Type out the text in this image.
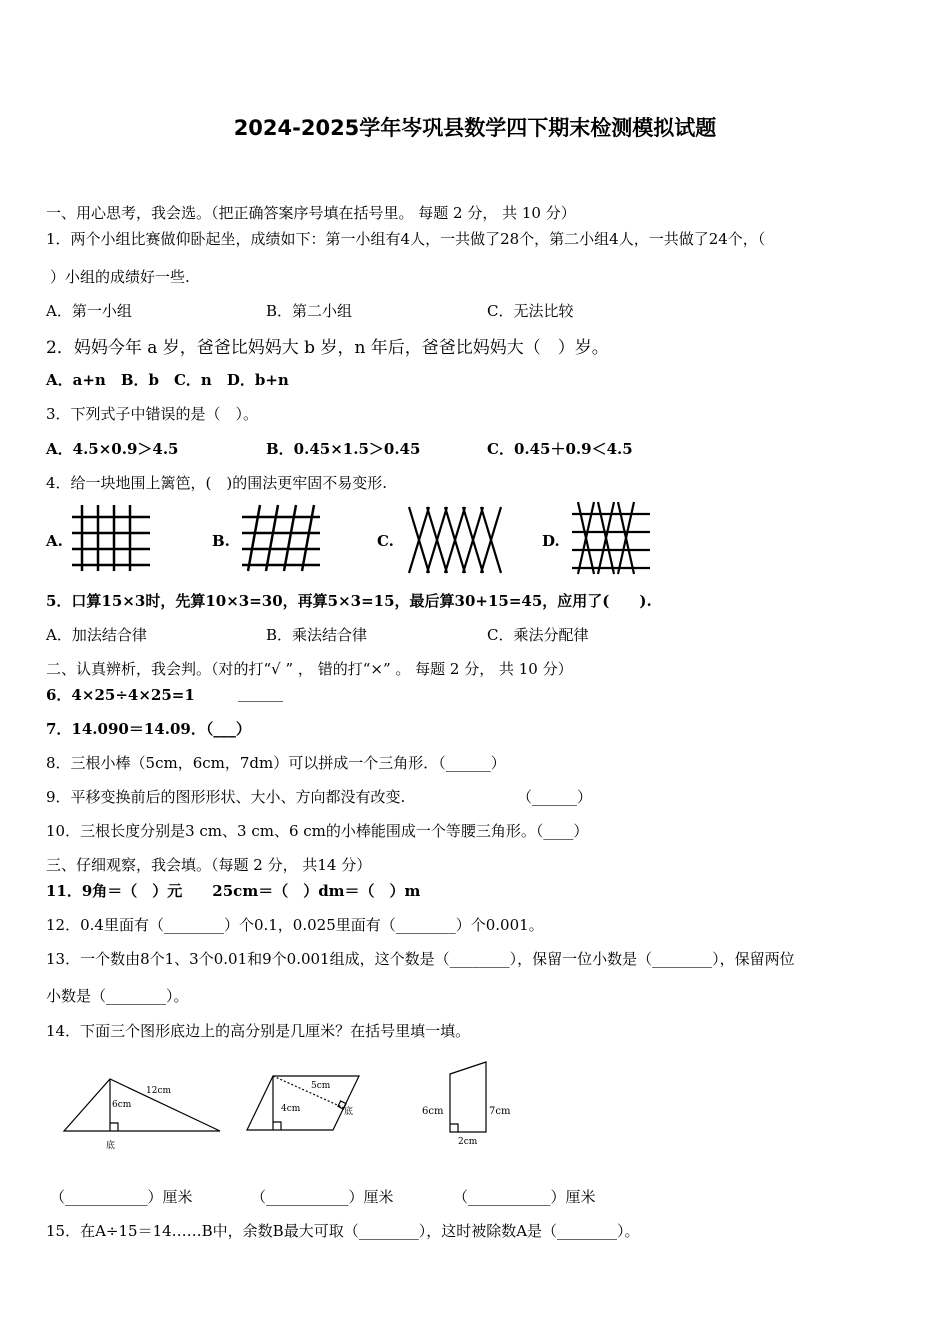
2024-2025学年岑巩县数学四下期末检测模拟试题
一、用心思考，我会选。（把正确答案序号填在括号里。 每题 2 分， 共 10 分）
1．两个小组比赛做仰卧起坐，成绩如下：第一小组有4人，一共做了28个，第二小组4人，一共做了24个，（
）小组的成绩好一些.
A．第一小组	B．第二小组	C．无法比较
2．妈妈今年 a 岁，爸爸比妈妈大 b 岁，n 年后，爸爸比妈妈大（　）岁。
A．a+n　B．b　C．n　D．b+n
3．下列式子中错误的是（　）。
A．4.5×0.9＞4.5	B．0.45×1.5＞0.45	C．0.45＋0.9＜4.5
4．给一块地围上篱笆，(　)的围法更牢固不易变形.
A.	B.	C.	D.
5．口算15×3时，先算10×3=30，再算5×3=15，最后算30+15=45，应用了(　　).
A．加法结合律	B．乘法结合律	C．乘法分配律
二、认真辨析，我会判。（对的打“√ ” ， 错的打“×” 。 每题 2 分， 共 10 分）
6．4×25÷4×25=1	______
7．14.090＝14.09．（___）
8．三根小棒（5cm，6cm，7dm）可以拼成一个三角形．（______）
9．平移变换前后的图形形状、大小、方向都没有改变.	（______）
10．三根长度分别是3 cm、3 cm、6 cm的小棒能围成一个等腰三角形。（____）
三、仔细观察，我会填。（每题 2 分， 共14 分）
11．9角＝（　）元　　25cm＝（　）dm＝（　）m
12．0.4里面有（________）个0.1，0.025里面有（________）个0.001。
13．一个数由8个1、3个0.01和9个0.001组成，这个数是（________），保留一位小数是（________），保留两位
小数是（________）。
14．下面三个图形底边上的高分别是几厘米？在括号里填一填。
12cm
6cm
底
5cm
4cm	底	6cm	7cm
2cm
（___________）厘米	（___________）厘米	（___________）厘米
15．在A÷15＝14……B中，余数B最大可取（________），这时被除数A是（________）。
